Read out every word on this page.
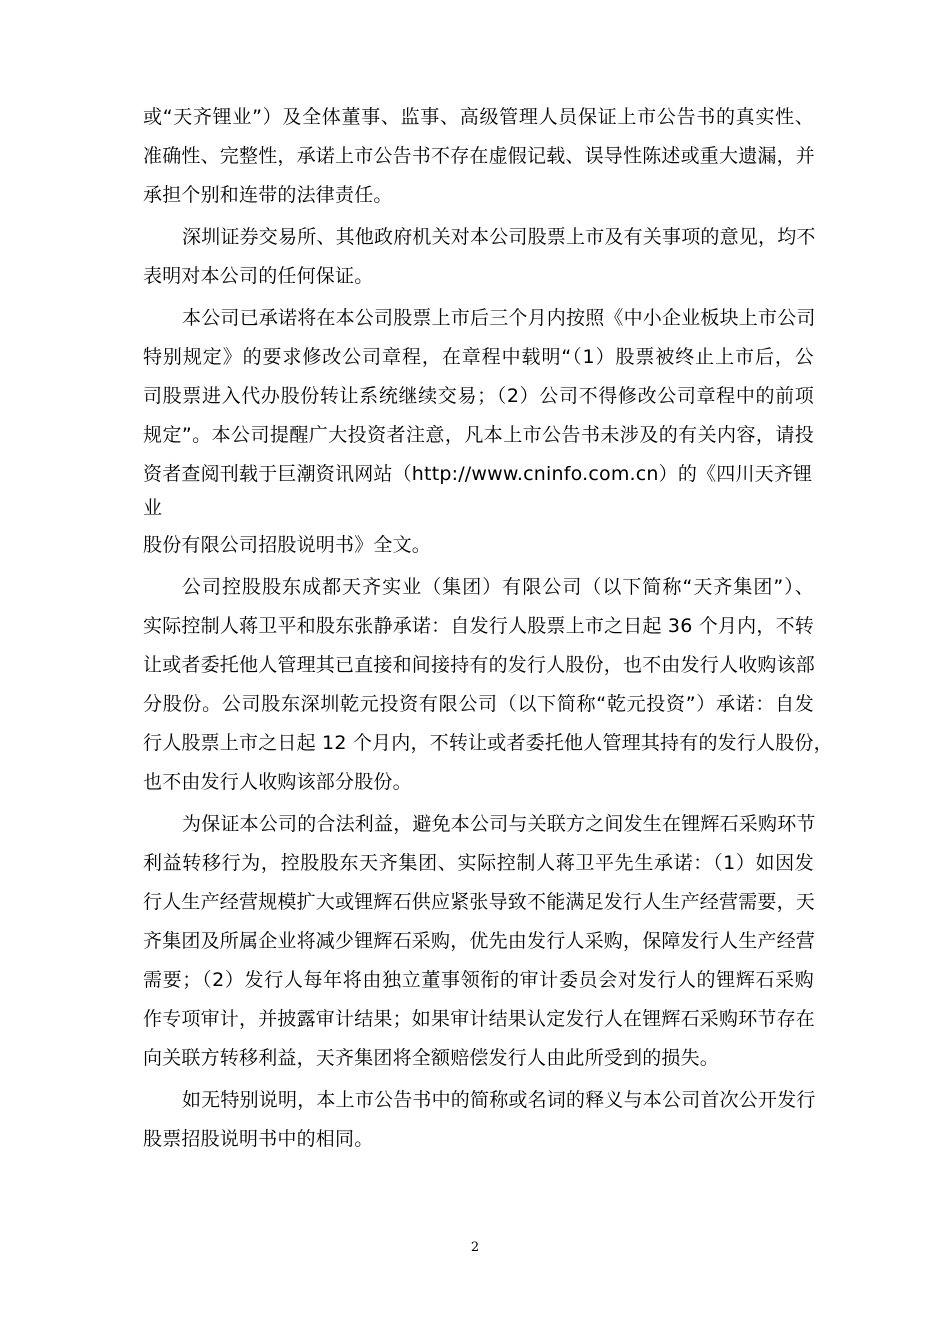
或“天齐锂业”）及全体董事、监事、高级管理人员保证上市公告书的真实性、
准确性、完整性，承诺上市公告书不存在虚假记载、误导性陈述或重大遗漏，并
承担个别和连带的法律责任。
深圳证券交易所、其他政府机关对本公司股票上市及有关事项的意见，均不
表明对本公司的任何保证。
本公司已承诺将在本公司股票上市后三个月内按照《中小企业板块上市公司
特别规定》的要求修改公司章程，在章程中载明“（1）股票被终止上市后，公
司股票进入代办股份转让系统继续交易；（2）公司不得修改公司章程中的前项
规定”。本公司提醒广大投资者注意，凡本上市公告书未涉及的有关内容，请投
资者查阅刊载于巨潮资讯网站（http://www.cninfo.com.cn）的《四川天齐锂
业
股份有限公司招股说明书》全文。
公司控股股东成都天齐实业（集团）有限公司（以下简称“天齐集团”）、
实际控制人蒋卫平和股东张静承诺：自发行人股票上市之日起 36 个月内，不转
让或者委托他人管理其已直接和间接持有的发行人股份，也不由发行人收购该部
分股份。公司股东深圳乾元投资有限公司（以下简称“乾元投资”）承诺：自发
行人股票上市之日起 12 个月内，不转让或者委托他人管理其持有的发行人股份，
也不由发行人收购该部分股份。
为保证本公司的合法利益，避免本公司与关联方之间发生在锂辉石采购环节
利益转移行为，控股股东天齐集团、实际控制人蒋卫平先生承诺：（1）如因发
行人生产经营规模扩大或锂辉石供应紧张导致不能满足发行人生产经营需要，天
齐集团及所属企业将减少锂辉石采购，优先由发行人采购，保障发行人生产经营
需要；（2）发行人每年将由独立董事领衔的审计委员会对发行人的锂辉石采购
作专项审计，并披露审计结果；如果审计结果认定发行人在锂辉石采购环节存在
向关联方转移利益，天齐集团将全额赔偿发行人由此所受到的损失。
如无特别说明，本上市公告书中的简称或名词的释义与本公司首次公开发行
股票招股说明书中的相同。
2
